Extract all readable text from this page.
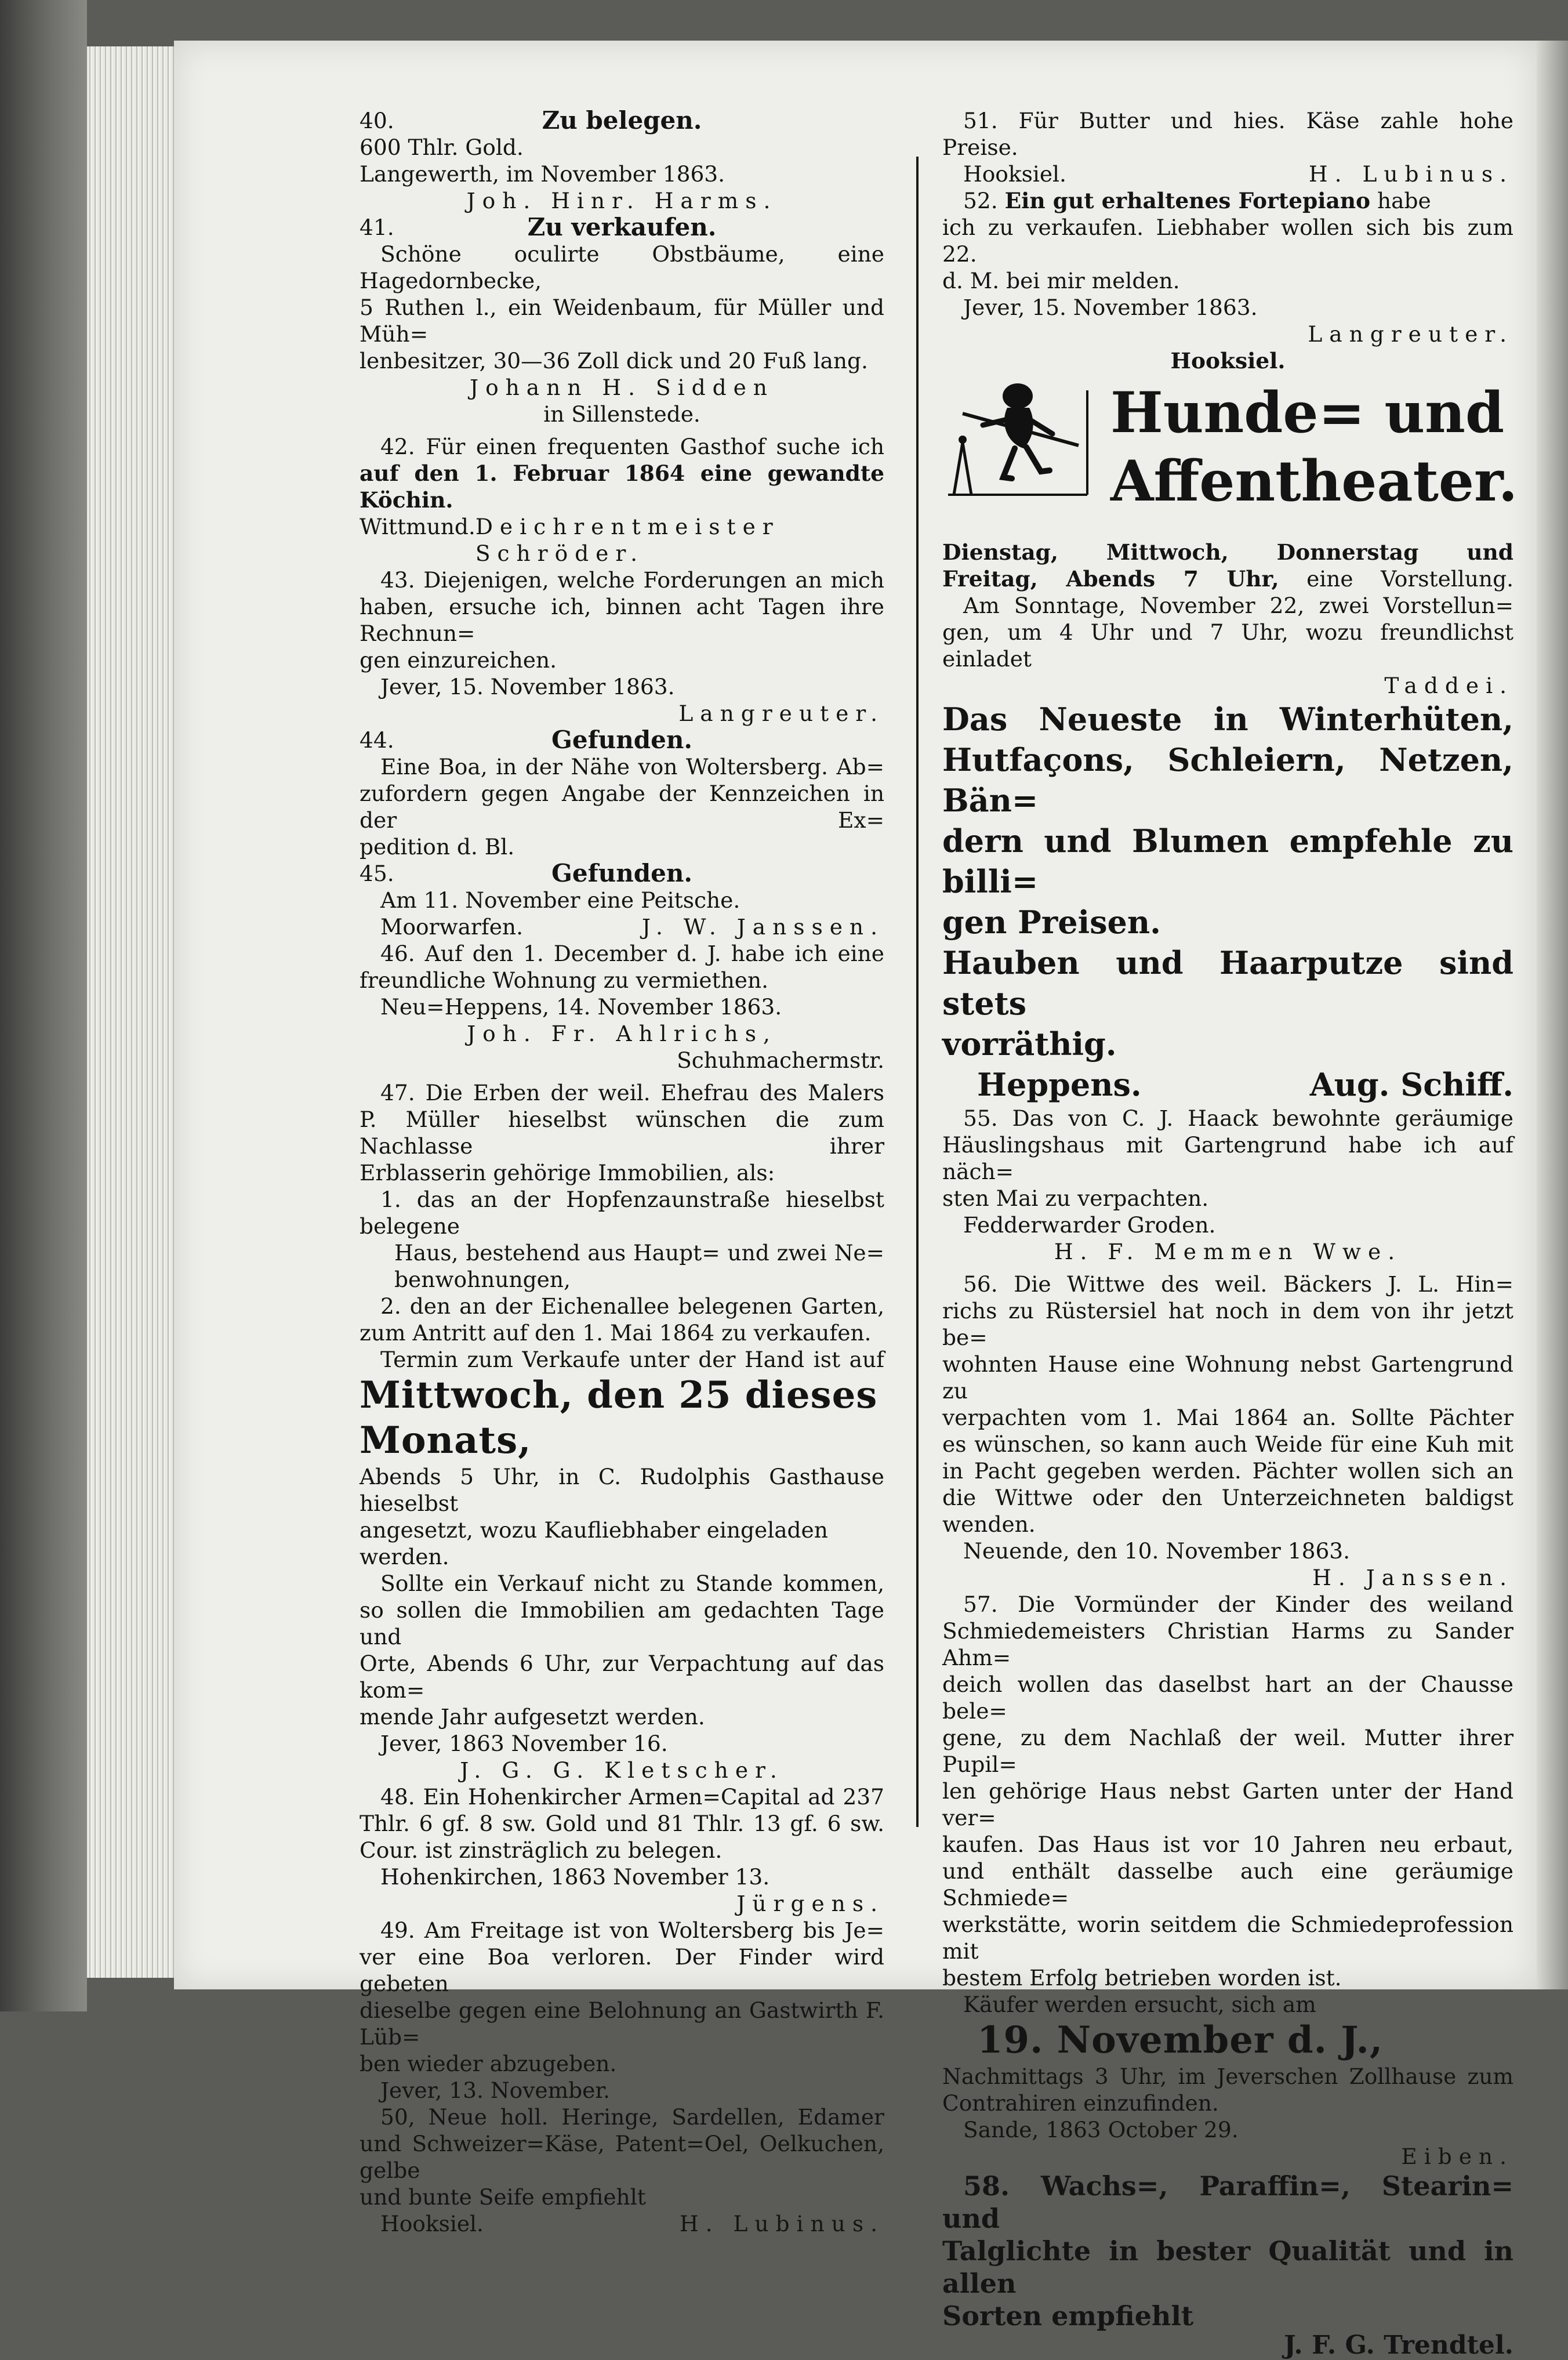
40.	Zu belegen.

600 Thlr. Gold.

Langewerth, im November 1863.

Joh. Hinr. Harms.

41.	Zu verkaufen.

Schöne oculirte Obstbäume, eine Hagedornbecke,

5 Ruthen l., ein Weidenbaum, für Müller und Müh=

lenbesitzer, 30—36 Zoll dick und 20 Fuß lang.

Johann H. Sidden

in Sillenstede.

42. Für einen frequenten Gasthof suche ich

auf den 1. Februar 1864 eine gewandte Köchin.

Wittmund. Deichrentmeister Schröder.

43. Diejenigen, welche Forderungen an mich

haben, ersuche ich, binnen acht Tagen ihre Rechnun=

gen einzureichen.

Jever, 15. November 1863.

Langreuter.

44.	Gefunden.

Eine Boa, in der Nähe von Woltersberg. Ab=

zufordern gegen Angabe der Kennzeichen in der Ex=

pedition d. Bl.

45.	Gefunden.

Am 11. November eine Peitsche.

Moorwarfen.	J. W. Janssen.

46. Auf den 1. December d. J. habe ich eine

freundliche Wohnung zu vermiethen.

Neu=Heppens, 14. November 1863.

Joh. Fr. Ahlrichs,

Schuhmachermstr.

47. Die Erben der weil. Ehefrau des Malers

P. Müller hieselbst wünschen die zum Nachlasse ihrer

Erblasserin gehörige Immobilien, als:

1. das an der Hopfenzaunstraße hieselbst belegene

Haus, bestehend aus Haupt= und zwei Ne=

benwohnungen,

2. den an der Eichenallee belegenen Garten,

zum Antritt auf den 1. Mai 1864 zu verkaufen.

Termin zum Verkaufe unter der Hand ist auf

Mittwoch, den 25 dieses Monats,

Abends 5 Uhr, in C. Rudolphis Gasthause hieselbst

angesetzt, wozu Kaufliebhaber eingeladen werden.

Sollte ein Verkauf nicht zu Stande kommen,

so sollen die Immobilien am gedachten Tage und

Orte, Abends 6 Uhr, zur Verpachtung auf das kom=

mende Jahr aufgesetzt werden.

Jever, 1863 November 16.

J. G. G. Kletscher.

48. Ein Hohenkircher Armen=Capital ad 237

Thlr. 6 gf. 8 sw. Gold und 81 Thlr. 13 gf. 6 sw.

Cour. ist zinsträglich zu belegen.

Hohenkirchen, 1863 November 13.

Jürgens.

49. Am Freitage ist von Woltersberg bis Je=

ver eine Boa verloren. Der Finder wird gebeten

dieselbe gegen eine Belohnung an Gastwirth F. Lüb=

ben wieder abzugeben.

Jever, 13. November.

50, Neue holl. Heringe, Sardellen, Edamer

und Schweizer=Käse, Patent=Oel, Oelkuchen, gelbe

und bunte Seife empfiehlt

Hooksiel.	H. Lubinus.

51. Für Butter und hies. Käse zahle hohe

Preise.

Hooksiel.	H. Lubinus.

52. Ein gut erhaltenes Fortepiano habe

ich zu verkaufen. Liebhaber wollen sich bis zum 22.

d. M. bei mir melden.

Jever, 15. November 1863.

Langreuter.

Hooksiel.

Hunde= und Affentheater.

Dienstag, Mittwoch, Donnerstag und

Freitag, Abends 7 Uhr, eine Vorstellung.

Am Sonntage, November 22, zwei Vorstellun=

gen, um 4 Uhr und 7 Uhr, wozu freundlichst einladet

Taddei.

Das Neueste in Winterhüten,

Hutfaçons, Schleiern, Netzen, Bän=

dern und Blumen empfehle zu billi=

gen Preisen.

Hauben und Haarputze sind stets

vorräthig.

Heppens.	Aug. Schiff.

55. Das von C. J. Haack bewohnte geräumige

Häuslingshaus mit Gartengrund habe ich auf näch=

sten Mai zu verpachten.

Fedderwarder Groden.

H. F. Memmen Wwe.

56. Die Wittwe des weil. Bäckers J. L. Hin=

richs zu Rüstersiel hat noch in dem von ihr jetzt be=

wohnten Hause eine Wohnung nebst Gartengrund zu

verpachten vom 1. Mai 1864 an. Sollte Pächter

es wünschen, so kann auch Weide für eine Kuh mit

in Pacht gegeben werden. Pächter wollen sich an

die Wittwe oder den Unterzeichneten baldigst wenden.

Neuende, den 10. November 1863.

H. Janssen.

57. Die Vormünder der Kinder des weiland

Schmiedemeisters Christian Harms zu Sander Ahm=

deich wollen das daselbst hart an der Chausse bele=

gene, zu dem Nachlaß der weil. Mutter ihrer Pupil=

len gehörige Haus nebst Garten unter der Hand ver=

kaufen. Das Haus ist vor 10 Jahren neu erbaut,

und enthält dasselbe auch eine geräumige Schmiede=

werkstätte, worin seitdem die Schmiedeprofession mit

bestem Erfolg betrieben worden ist.

Käufer werden ersucht, sich am

19. November d. J.,

Nachmittags 3 Uhr, im Jeverschen Zollhause zum

Contrahiren einzufinden.

Sande, 1863 October 29.

Eiben.

58. Wachs=, Paraffin=, Stearin= und

Talglichte in bester Qualität und in allen

Sorten empfiehlt

J. F. G. Trendtel.
